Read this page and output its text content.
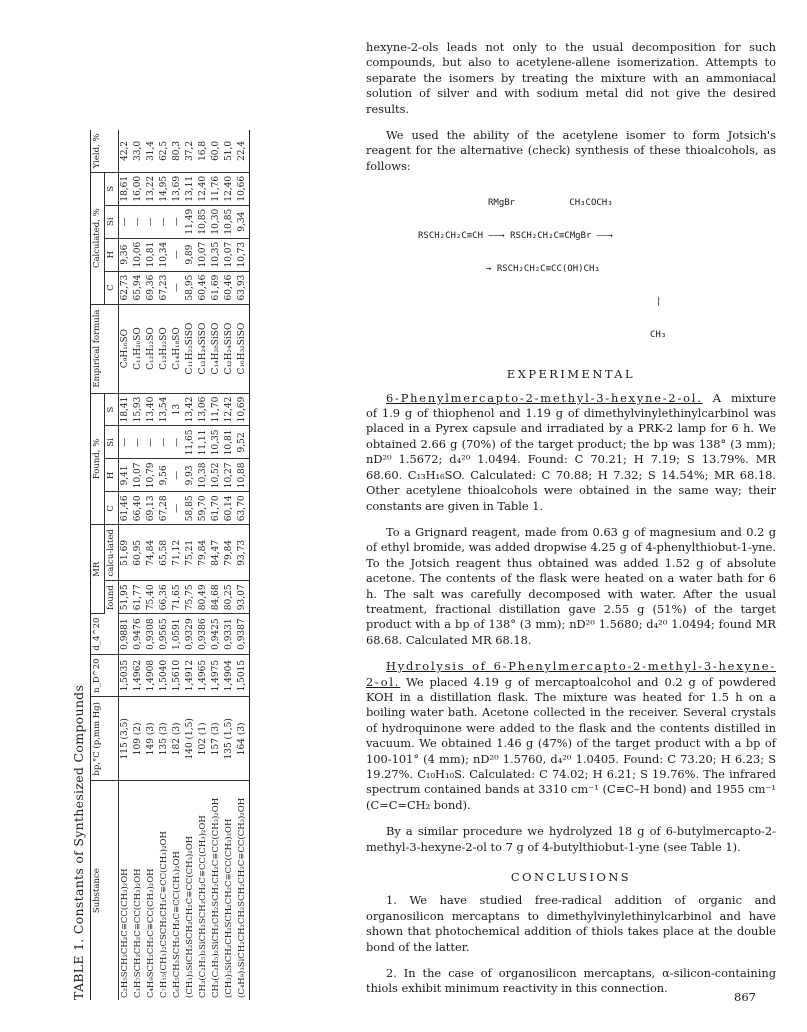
TABLE 1. Constants of Synthesized Compounds Substance	bp,°C (p,mm Hg)	n_D^20	d_4^20	MR		Found, %				Empirical formula	Calculated, %				Yield, %
				found	calcu-lated	C	H	Si	S		C	H	Si	S	
C₂H₅SCH₂CH₂C≡CC(CH₃)₂OH	115 (3,5)	1,5035	0,9881	51,95	51,69	61,46	9,41	—	18,41	C₉H₁₆SO	62,73	9,36	—	18,61	42,2
C₃H₇SCH₂CH₂C≡CC(CH₃)₂OH	109 (2)	1,4962	0,9476	61,77	60,95	66,40	10,07	—	15,93	C₁₁H₂₀SO	65,94	10,06	—	16,00	33,0
C₄H₉SCH₂CH₂C≡CC(CH₃)₂OH	149 (3)	1,4908	0,9308	75,40	74,84	69,13	10,79	—	13,40	C₁₂H₂₂SO	69,36	10,81	—	13,22	31,4
C₇H₁₅(CH₃)₂CSCH₂CH₂C≡CC(CH₃)₂OH	135 (3)	1,5040	0,9565	66,36	65,58	67,28	9,56	—	13,54	C₁₃H₂₂SO	67,23	10,34	—	14,95	62,5
C₆H₅CH₂SCH₂CH₂C≡CC(CH₃)₂OH	182 (3)	1,5610	1,0591	71,65	71,12	—	—	—	13	C₁₄H₁₈SO	—	—	—	13,69	80,3
(CH₃)₃SiCH₂SCH₂CH₂C≡CC(CH₃)₂OH	140 (1,5)	1,4912	0,9329	75,75	75,21	58,85	9,93	11,65	13,42	C₁₁H₂₂SiSO	58,95	9,89	11,49	13,11	37,2
CH₃(C₂H₅)₂SiCH₂SCH₂CH₂C≡CC(CH₃)₂OH	102 (1)	1,4965	0,9386	80,49	79,84	59,70	10,38	11,11	13,06	C₁₂H₂₄SiSO	60,46	10,07	10,85	12,40	16,8
CH₃(C₂H₅)₂SiCH₂CH₂SCH₂CH₂C≡CC(CH₃)₂OH	157 (3)	1,4975	0,9425	84,68	84,47	61,70	10,52	10,35	11,70	C₁₄H₂₈SiSO	61,69	10,35	10,30	11,76	60,0
(CH₃)₃SiCH₂CH₂SCH₂CH₂C≡CC(CH₃)₂OH	135 (1,5)	1,4904	0,9331	80,25	79,84	60,14	10,27	10,81	12,42	C₁₂H₂₄SiSO	60,46	10,07	10,85	12,40	51,0
(C₄H₉)₃SiCH₂CH₂CH₂SCH₂CH₂C≡CC(CH₃)₂OH	164 (3)	1,5015	0,9387	93,07	93,73	63,70	10,88	9,52	10,69	C₁₆H₃₂SiSO	63,93	10,73	9,34	10,66	22,4

hexyne-2-ols leads not only to the usual decomposition for such compounds, but also to acetylene-allene isomerization. Attempts to separate the isomers by treating the mixture with an ammoniacal solution of silver and with sodium metal did not give the desired results.

We used the ability of the acetylene isomer to form Jotsich's reagent for the alternative (check) synthesis of these thioalcohols, as follows:

RMgBr          CH₃COCH₃

RSCH₂CH₂C≡CH ——→ RSCH₂CH₂C≡CMgBr ——→

→ RSCH₂CH₂C≡CC(OH)CH₃

|

CH₃

EXPERIMENTAL

6-Phenylmercapto-2-methyl-3-hexyne-2-ol. A mixture of 1.9 g of thiophenol and 1.19 g of dimethylvinylethinylcarbinol was placed in a Pyrex capsule and irradiated by a PRK-2 lamp for 6 h. We obtained 2.66 g (70%) of the target product; the bp was 138° (3 mm); nD²⁰ 1.5672; d₄²⁰ 1.0494. Found: C 70.21; H 7.19; S 13.79%. MR 68.60. C₁₃H₁₆SO. Calculated: C 70.88; H 7.32; S 14.54%; MR 68.18. Other acetylene thioalcohols were obtained in the same way; their constants are given in Table 1.

To a Grignard reagent, made from 0.63 g of magnesium and 0.2 g of ethyl bromide, was added dropwise 4.25 g of 4-phenylthiobut-1-yne. To the Jotsich reagent thus obtained was added 1.52 g of absolute acetone. The contents of the flask were heated on a water bath for 6 h. The salt was carefully decomposed with water. After the usual treatment, fractional distillation gave 2.55 g (51%) of the target product with a bp of 138° (3 mm); nD²⁰ 1.5680; d₄²⁰ 1.0494; found MR 68.68. Calculated MR 68.18.

Hydrolysis of 6-Phenylmercapto-2-methyl-3-hexyne-2-ol. We placed 4.19 g of mercaptoalcohol and 0.2 g of powdered KOH in a distillation flask. The mixture was heated for 1.5 h on a boiling water bath. Acetone collected in the receiver. Several crystals of hydroquinone were added to the flask and the contents distilled in vacuum. We obtained 1.46 g (47%) of the target product with a bp of 100-101° (4 mm); nD²⁰ 1.5760, d₄²⁰ 1.0405. Found: C 73.20; H 6.23; S 19.27%. C₁₀H₁₀S. Calculated: C 74.02; H 6.21; S 19.76%. The infrared spectrum contained bands at 3310 cm⁻¹ (C≡C–H bond) and 1955 cm⁻¹ (C=C=CH₂ bond).

By a similar procedure we hydrolyzed 18 g of 6-butylmercapto-2-methyl-3-hexyne-2-ol to 7 g of 4-butylthiobut-1-yne (see Table 1).

CONCLUSIONS

1. We have studied free-radical addition of organic and organosilicon mercaptans to dimethylvinylethinylcarbinol and have shown that photochemical addition of thiols takes place at the double bond of the latter.

2. In the case of organosilicon mercaptans, α-silicon-containing thiols exhibit minimum reactivity in this connection.

867
